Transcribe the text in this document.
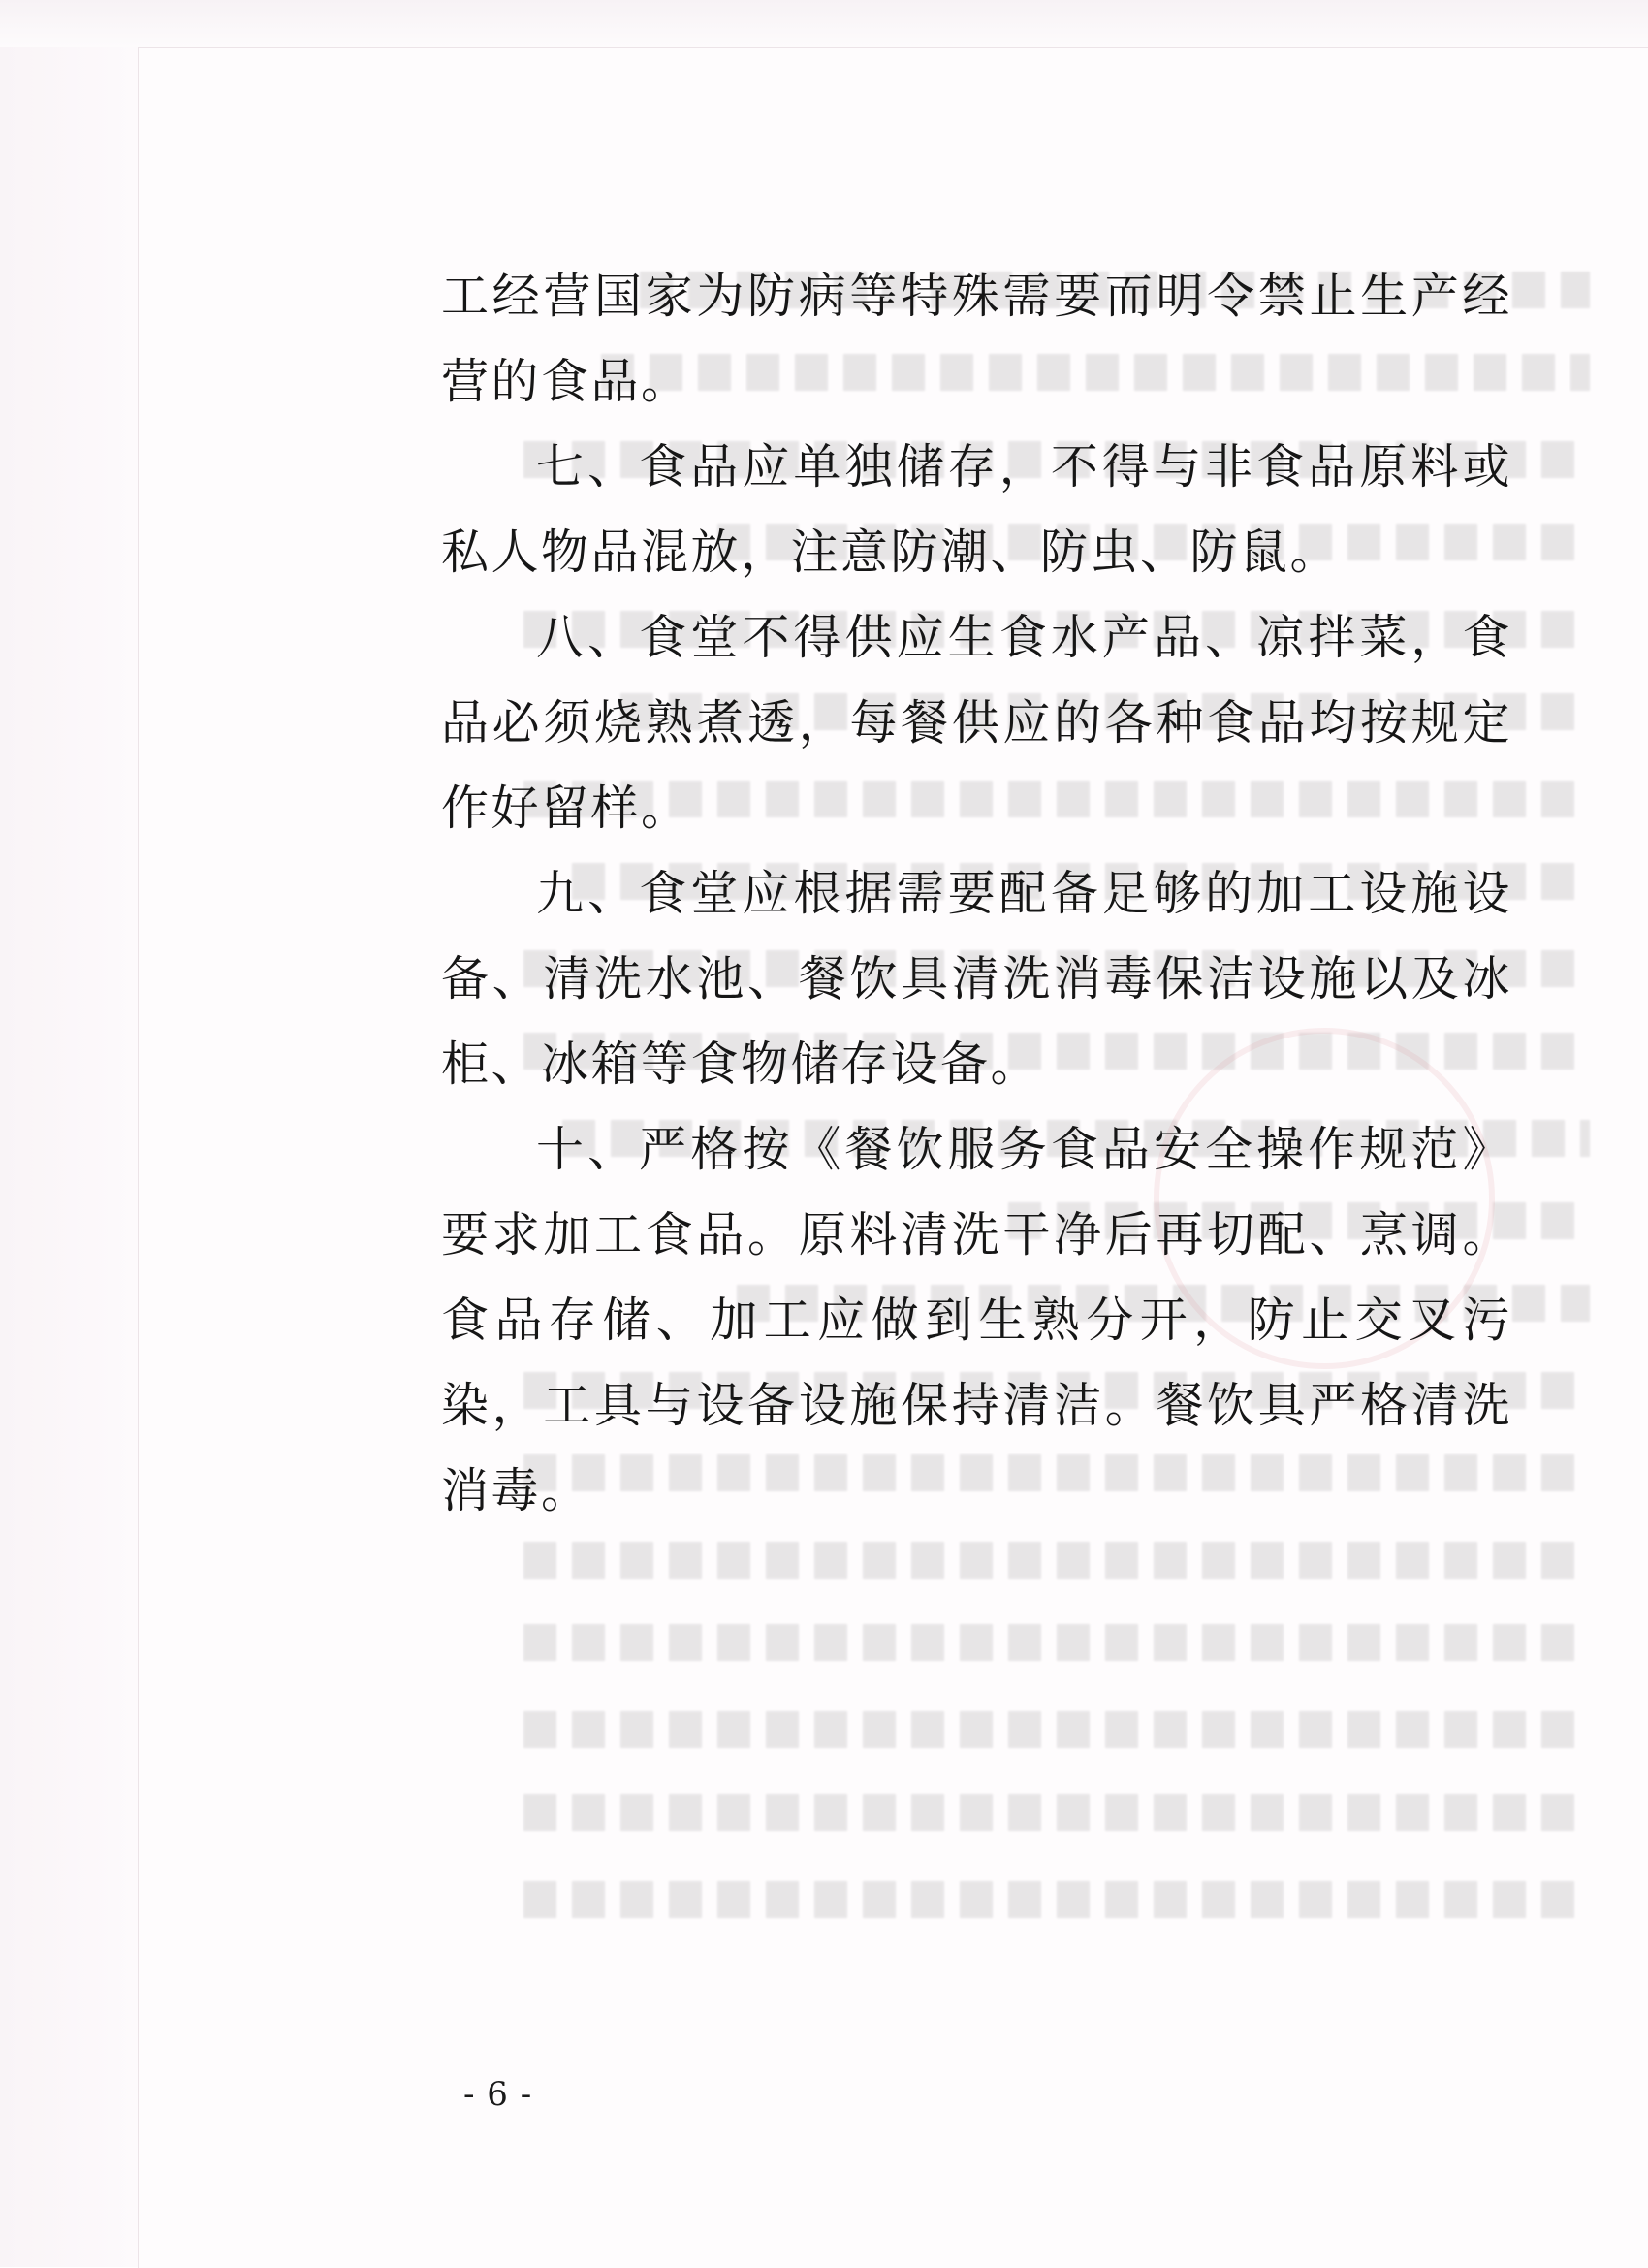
工经营国家为防病等特殊需要而明令禁止生产经营的食品。

七、食品应单独储存，不得与非食品原料或私人物品混放，注意防潮、防虫、防鼠。

八、食堂不得供应生食水产品、凉拌菜，食品必须烧熟煮透，每餐供应的各种食品均按规定作好留样。

九、食堂应根据需要配备足够的加工设施设备、清洗水池、餐饮具清洗消毒保洁设施以及冰柜、冰箱等食物储存设备。

十、严格按《餐饮服务食品安全操作规范》要求加工食品。原料清洗干净后再切配、烹调。食品存储、加工应做到生熟分开，防止交叉污染，工具与设备设施保持清洁。餐饮具严格清洗消毒。

- 6 -
